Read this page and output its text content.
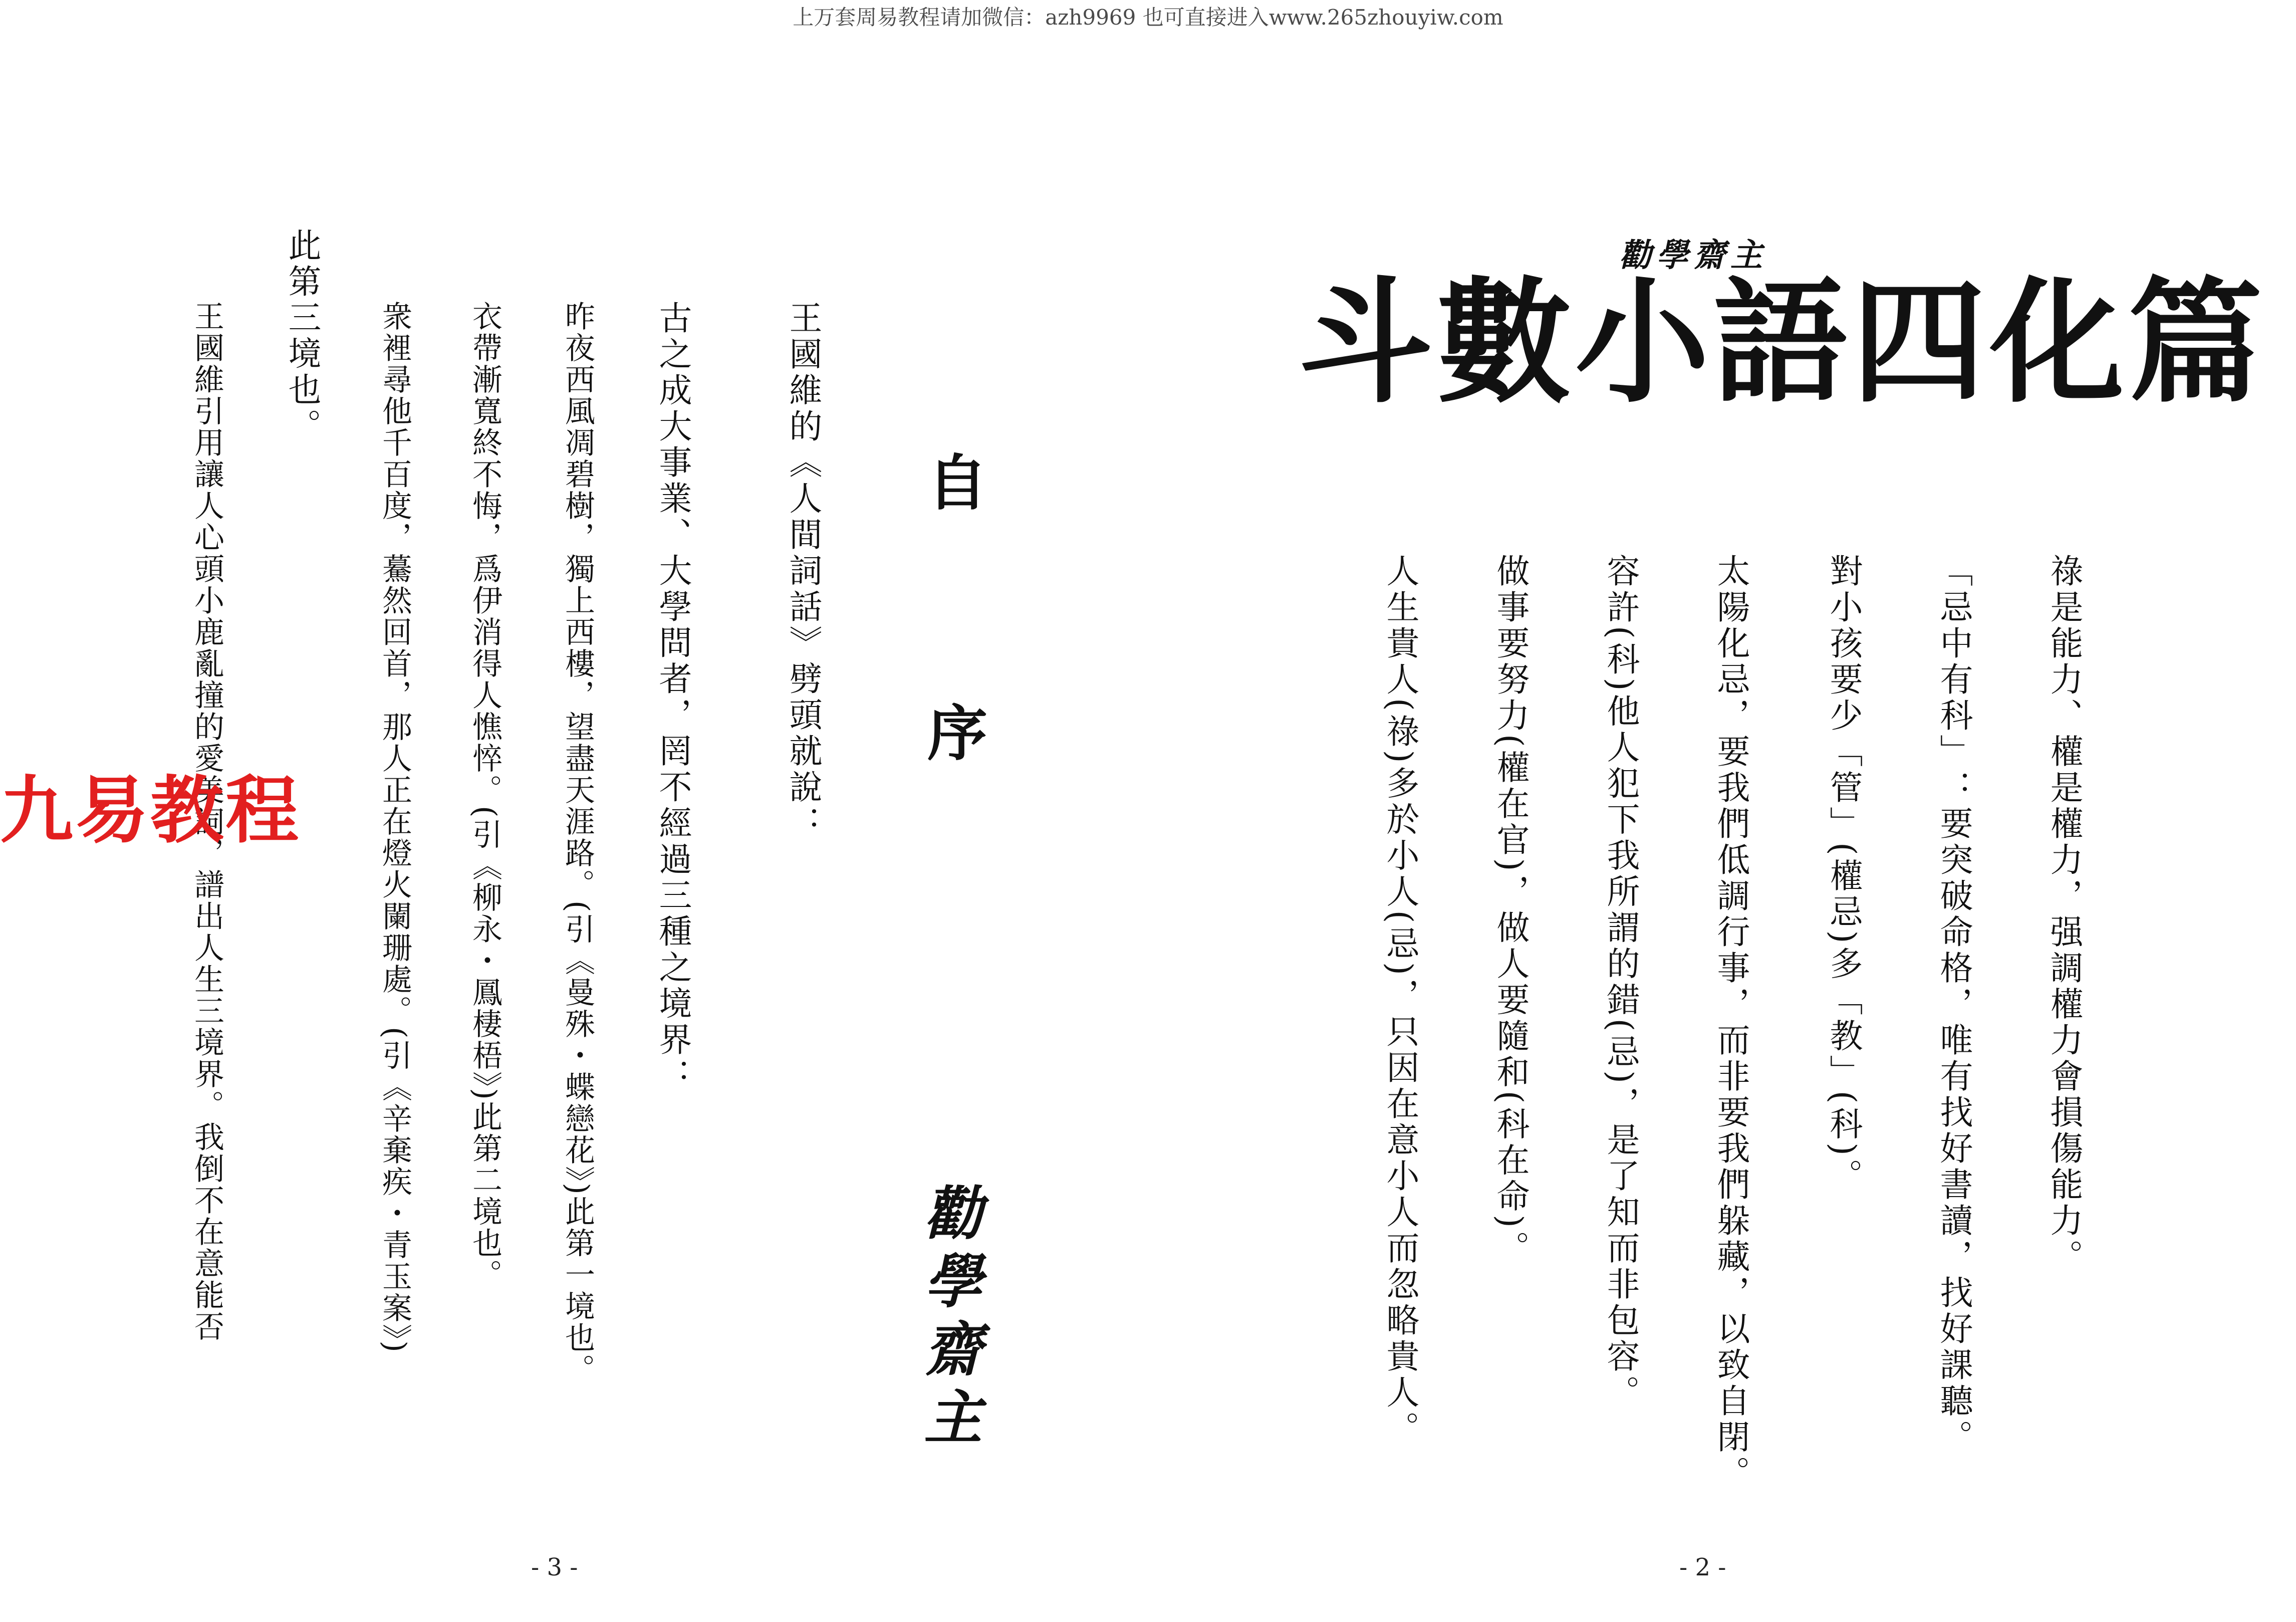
上万套周易教程请加微信：azh9969 也可直接进入www.265zhouyiw.com
勸學齋主
斗數小語四化篇
祿是能力、權是權力，强調權力會損傷能力。
「忌中有科」：要突破命格，唯有找好書讀，找好課聽。
對小孩要少「管」(權忌)多「教」(科)。
太陽化忌，要我們低調行事，而非要我們躲藏，以致自閉。
容許(科)他人犯下我所謂的錯(忌)，是了知而非包容。
做事要努力(權在官)，做人要隨和(科在命)。
人生貴人(祿)多於小人(忌)，只因在意小人而忽略貴人。
- 2 -
王國維的《人間詞話》劈頭就說： 自序
勸學齋主
古之成大事業、大學問者，罔不經過三種之境界：
昨夜西風凋碧樹，獨上西樓，望盡天涯路。(引《曼殊・蝶戀花》)此第一境也。
衣帶漸寬終不悔，爲伊消得人憔悴。(引《柳永・鳳棲梧》)此第二境也。
衆裡尋他千百度，驀然回首，那人正在燈火闌珊處。(引《辛棄疾・青玉案》)
此第三境也。
王國維引用讓人心頭小鹿亂撞的愛美詞，譜出人生三境界。我倒不在意能否
- 3 -
九易教程
